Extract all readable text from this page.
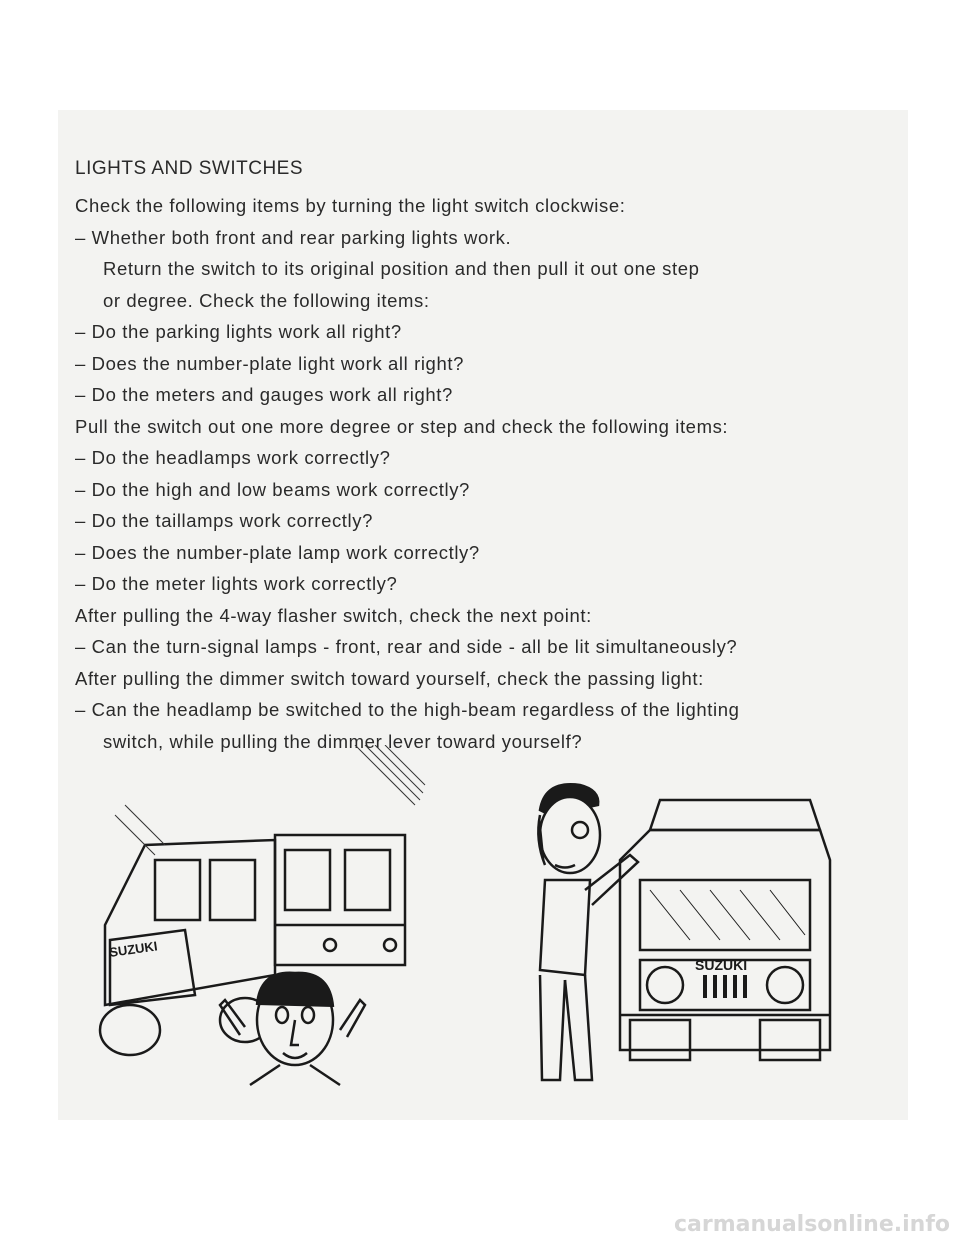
LIGHTS AND SWITCHES
Check the following items by turning the light switch clockwise:
– Whether both front and rear parking lights work.
Return the switch to its original position and then pull it out one step
or degree. Check the following items:
– Do the parking lights work all right?
– Does the number-plate light work all right?
– Do the meters and gauges work all right?
Pull the switch out one more degree or step and check the following items:
– Do the headlamps work correctly?
– Do the high and low beams work correctly?
– Do the taillamps work correctly?
– Does the number-plate lamp work correctly?
– Do the meter lights work correctly?
After pulling the 4-way flasher switch, check the next point:
– Can the turn-signal lamps - front, rear and side - all be lit simultaneously?
After pulling the dimmer switch toward yourself, check the passing light:
– Can the headlamp be switched to the high-beam regardless of the lighting
switch, while pulling the dimmer lever toward yourself?
SUZUKI
SUZUKI
carmanualsonline.info
